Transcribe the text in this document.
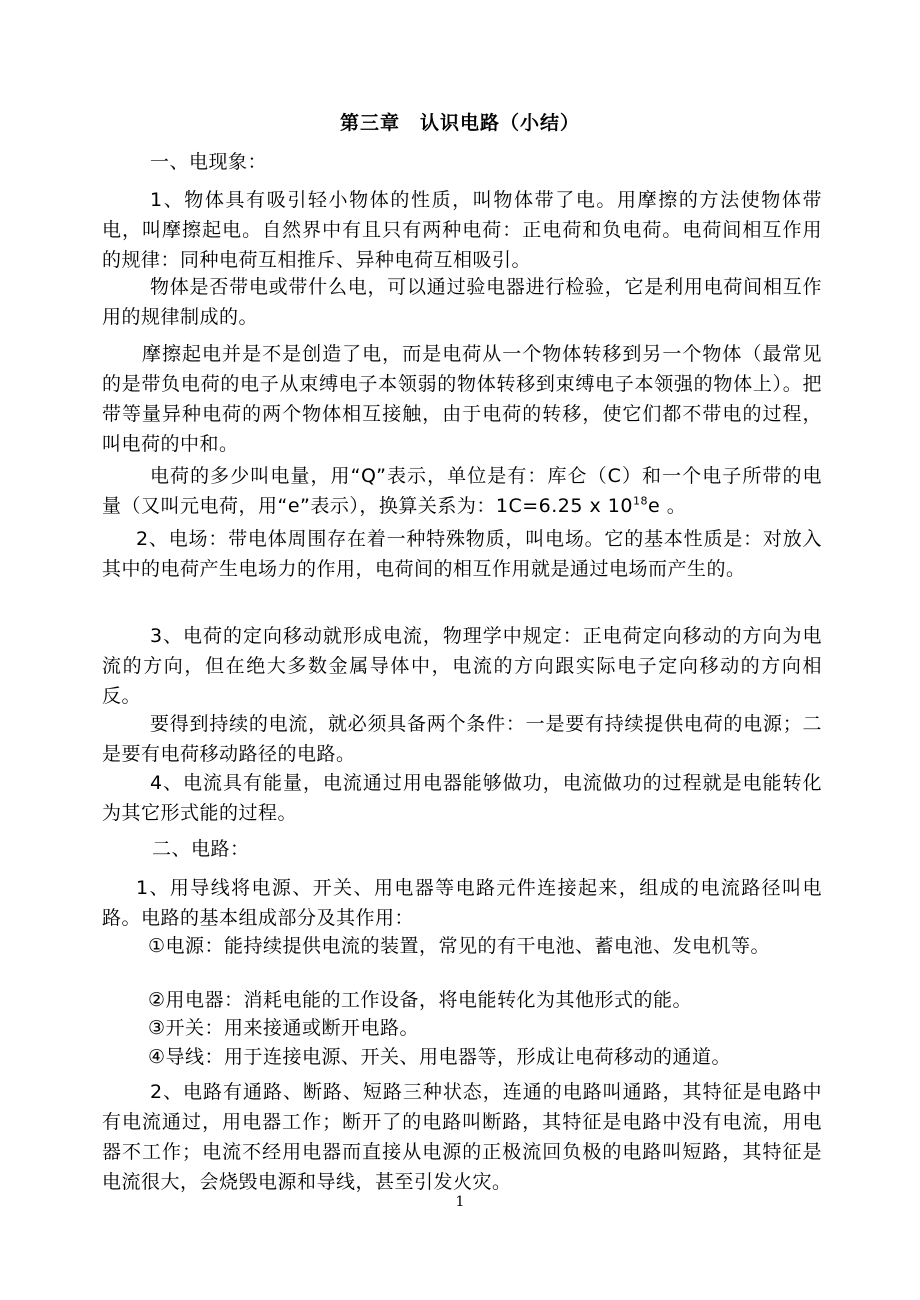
第三章　认识电路（小结）
一、电现象：
1、物体具有吸引轻小物体的性质，叫物体带了电。用摩擦的方法使物体带电，叫摩擦起电。自然界中有且只有两种电荷：正电荷和负电荷。电荷间相互作用的规律：同种电荷互相推斥、异种电荷互相吸引。
物体是否带电或带什么电，可以通过验电器进行检验，它是利用电荷间相互作用的规律制成的。
摩擦起电并是不是创造了电，而是电荷从一个物体转移到另一个物体（最常见的是带负电荷的电子从束缚电子本领弱的物体转移到束缚电子本领强的物体上）。把带等量异种电荷的两个物体相互接触，由于电荷的转移，使它们都不带电的过程，叫电荷的中和。
电荷的多少叫电量，用“Q”表示，单位是有：库仑（C）和一个电子所带的电量（又叫元电荷，用“e”表示），换算关系为：1C=6.25 x $10^{18}e$ 。
2、电场：带电体周围存在着一种特殊物质，叫电场。它的基本性质是：对放入其中的电荷产生电场力的作用，电荷间的相互作用就是通过电场而产生的。
3、电荷的定向移动就形成电流，物理学中规定：正电荷定向移动的方向为电流的方向，但在绝大多数金属导体中，电流的方向跟实际电子定向移动的方向相反。
要得到持续的电流，就必须具备两个条件：一是要有持续提供电荷的电源；二是要有电荷移动路径的电路。
4、电流具有能量，电流通过用电器能够做功，电流做功的过程就是电能转化为其它形式能的过程。
二、电路：
1、用导线将电源、开关、用电器等电路元件连接起来，组成的电流路径叫电路。电路的基本组成部分及其作用：
①电源：能持续提供电流的装置，常见的有干电池、蓄电池、发电机等。
②用电器：消耗电能的工作设备，将电能转化为其他形式的能。
③开关：用来接通或断开电路。
④导线：用于连接电源、开关、用电器等，形成让电荷移动的通道。
2、电路有通路、断路、短路三种状态，连通的电路叫通路，其特征是电路中有电流通过，用电器工作；断开了的电路叫断路，其特征是电路中没有电流，用电器不工作；电流不经用电器而直接从电源的正极流回负极的电路叫短路，其特征是电流很大，会烧毁电源和导线，甚至引发火灾。
1
